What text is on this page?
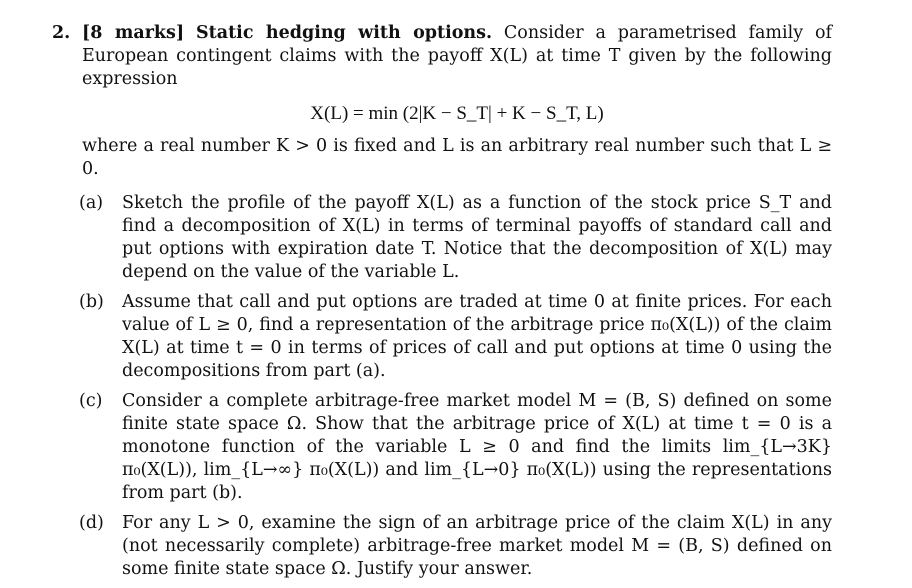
2. [8 marks] Static hedging with options. Consider a parametrised family of European contingent claims with the payoff X(L) at time T given by the following expression
X(L) = min (2|K − S_T| + K − S_T, L)
where a real number K > 0 is fixed and L is an arbitrary real number such that L ≥ 0.
(a) Sketch the profile of the payoff X(L) as a function of the stock price S_T and find a decomposition of X(L) in terms of terminal payoffs of standard call and put options with expiration date T. Notice that the decomposition of X(L) may depend on the value of the variable L.
(b) Assume that call and put options are traded at time 0 at finite prices. For each value of L ≥ 0, find a representation of the arbitrage price π₀(X(L)) of the claim X(L) at time t = 0 in terms of prices of call and put options at time 0 using the decompositions from part (a).
(c) Consider a complete arbitrage-free market model M = (B, S) defined on some finite state space Ω. Show that the arbitrage price of X(L) at time t = 0 is a monotone function of the variable L ≥ 0 and find the limits lim_{L→3K} π₀(X(L)), lim_{L→∞} π₀(X(L)) and lim_{L→0} π₀(X(L)) using the representations from part (b).
(d) For any L > 0, examine the sign of an arbitrage price of the claim X(L) in any (not necessarily complete) arbitrage-free market model M = (B, S) defined on some finite state space Ω. Justify your answer.
